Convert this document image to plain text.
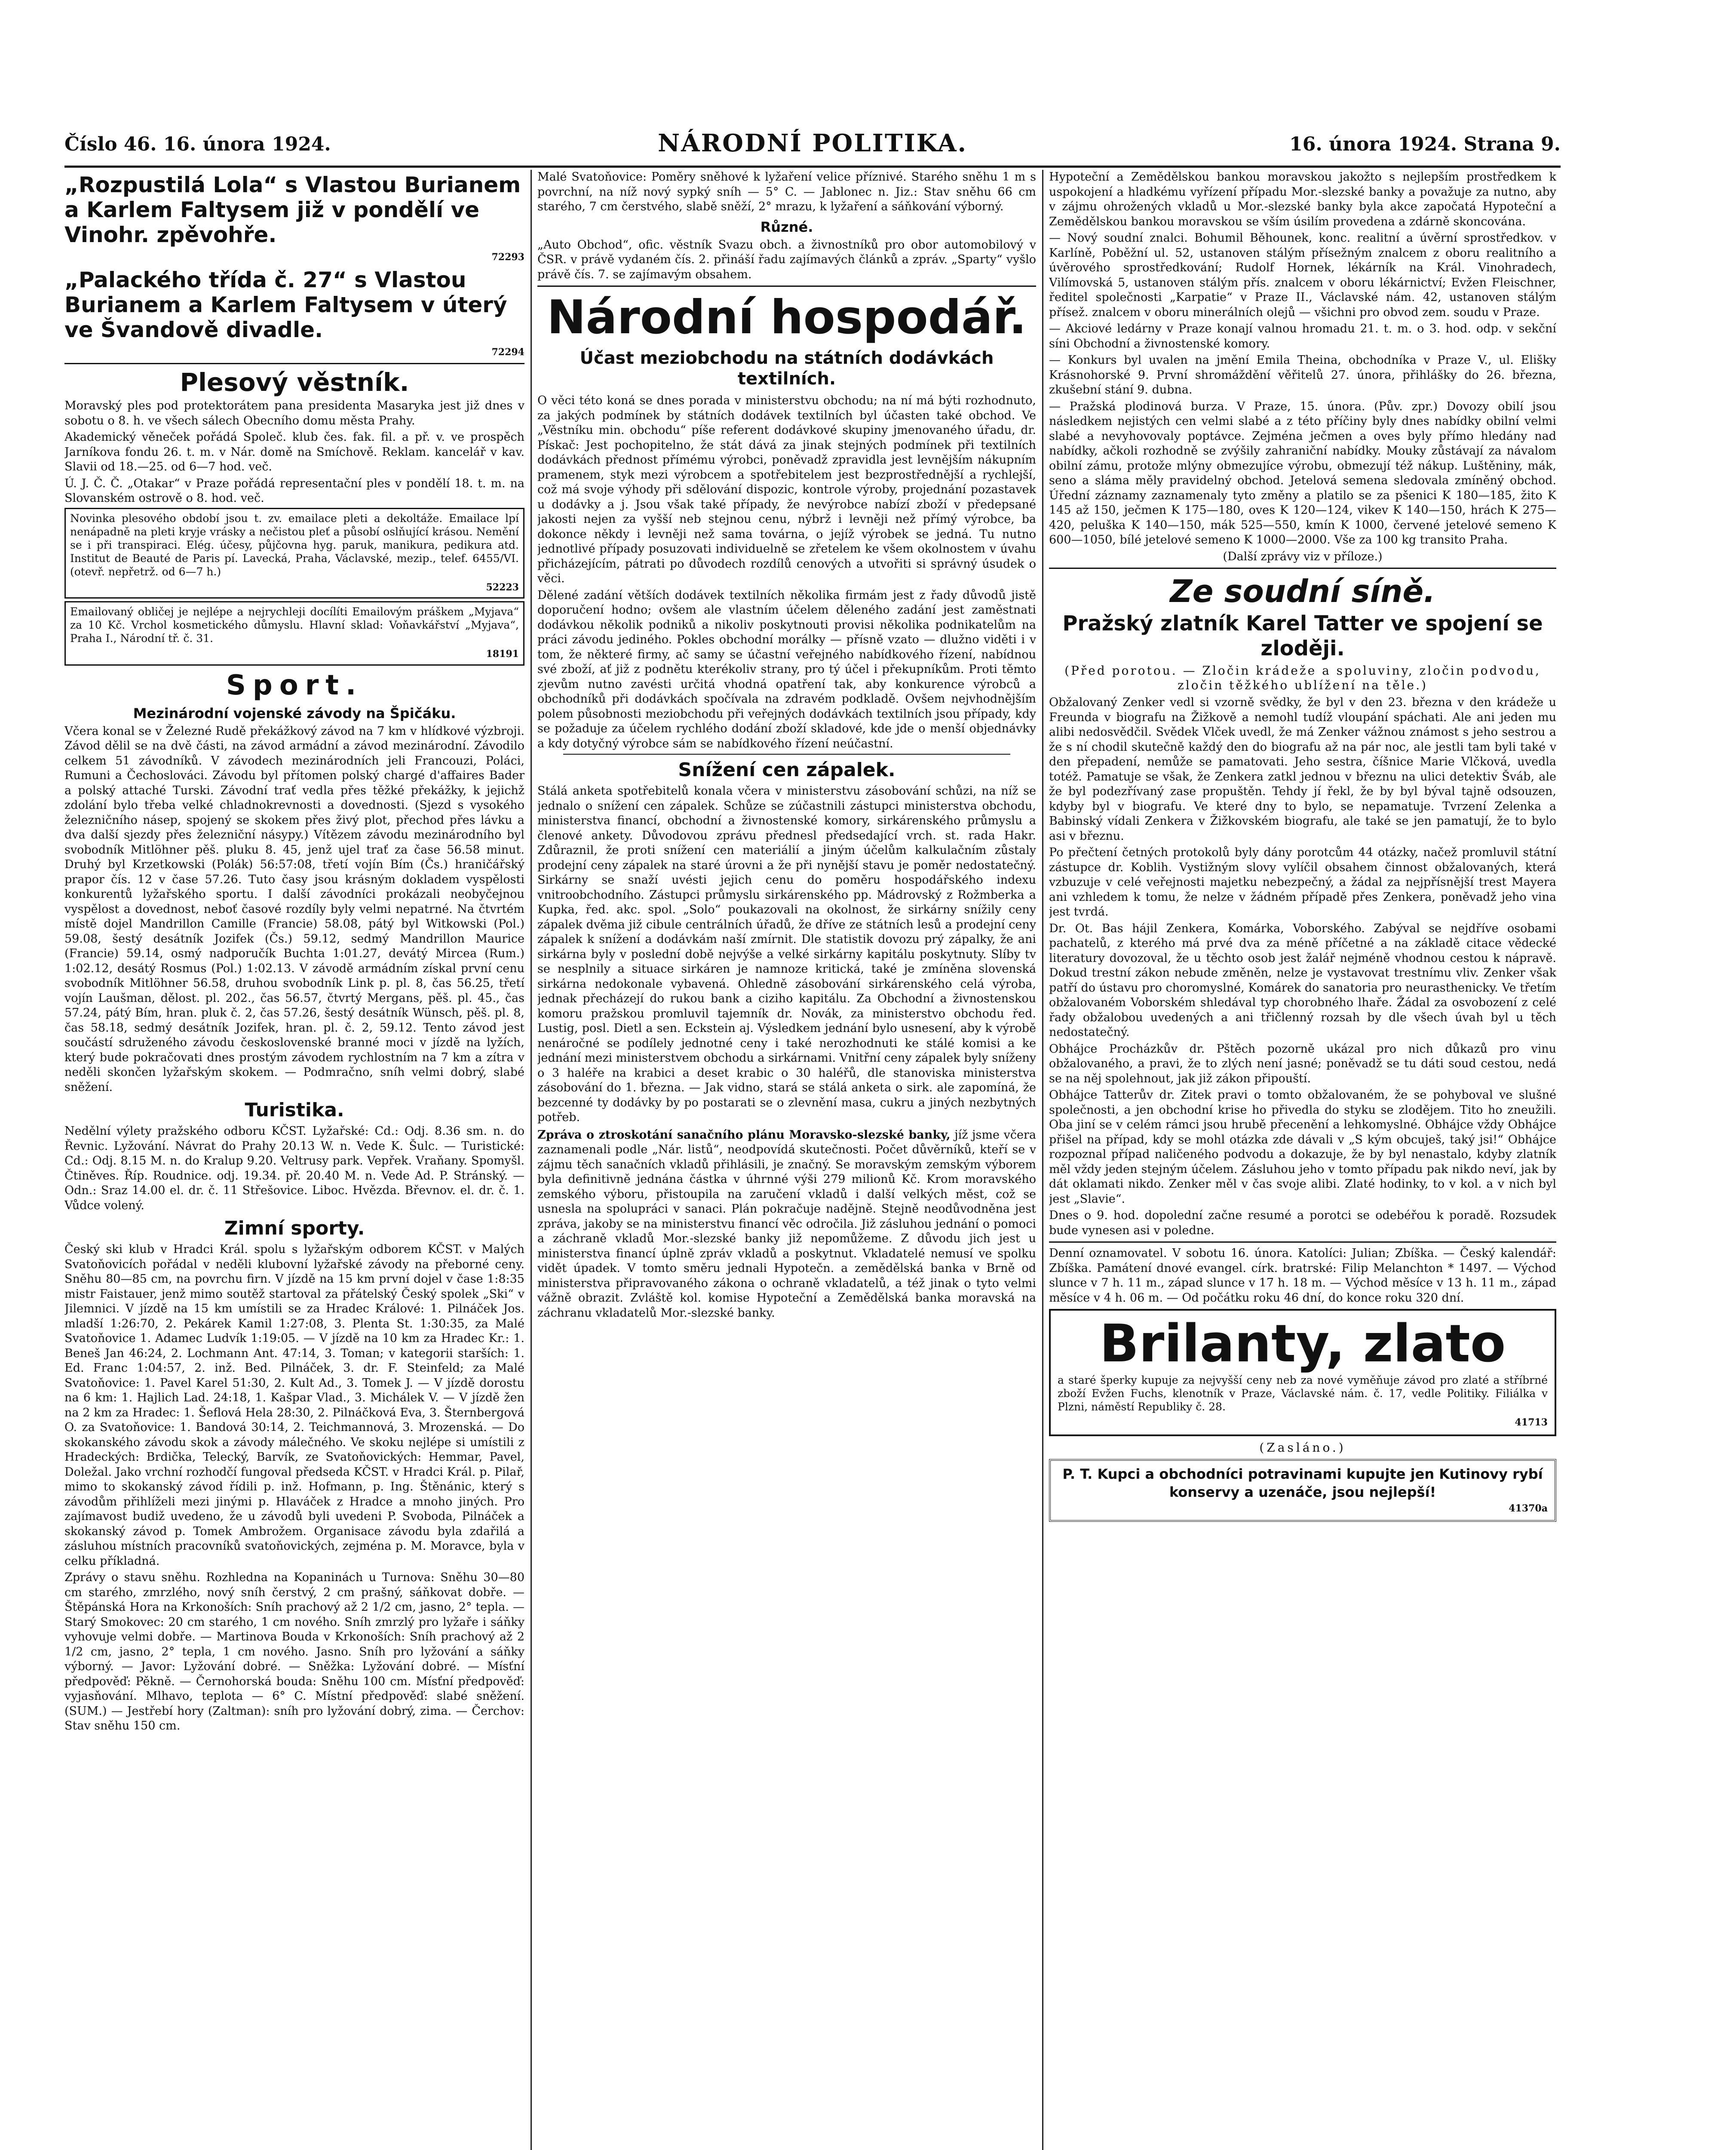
Číslo 46. 16. února 1924.	NÁRODNÍ POLITIKA.	16. února 1924. Strana 9.

„Rozpustilá Lola“ s Vlastou Burianem a Karlem Faltysem již v pondělí ve Vinohr. zpěvohře.

72293

„Palackého třída č. 27“ s Vlastou Burianem a Karlem Faltysem v úterý ve Švandově divadle.

72294

Plesový věstník.

Moravský ples pod protektorátem pana presidenta Masaryka jest již dnes v sobotu o 8. h. ve všech sálech Obecního domu města Prahy.

Akademický věneček pořádá Společ. klub čes. fak. fil. a př. v. ve prospěch Jarníkova fondu 26. t. m. v Nár. domě na Smíchově. Reklam. kancelář v kav. Slavii od 18.—25. od 6—7 hod. več.

Ú. J. Č. Č. „Otakar“ v Praze pořádá representační ples v pondělí 18. t. m. na Slovanském ostrově o 8. hod. več.

Novinka plesového období jsou t. zv. emailace pleti a dekoltáže. Emailace lpí nenápadně na pleti kryje vrásky a nečistou pleť a působí oslňující krásou. Nemění se i při transpiraci. Elég. účesy, půjčovna hyg. paruk, manikura, pedikura atd. Institut de Beauté de Paris pí. Lavecká, Praha, Václavské, mezip., telef. 6455/VI. (otevř. nepřetrž. od 6—7 h.)

52223

Emailovaný obličej je nejlépe a nejrychleji docílíti Emailovým práškem „Myjava“ za 10 Kč. Vrchol kosmetického důmyslu. Hlavní sklad: Voňavkářství „Myjava“, Praha I., Národní tř. č. 31.

18191

Sport.
Mezinárodní vojenské závody na Špičáku.

Včera konal se v Železné Rudě překážkový závod na 7 km v hlídkové výzbroji. Závod dělil se na dvě části, na závod armádní a závod mezinárodní. Závodilo celkem 51 závodníků. V závodech mezinárodních jeli Francouzi, Poláci, Rumuni a Čechoslováci. Závodu byl přítomen polský chargé d'affaires Bader a polský attaché Turski. Závodní trať vedla přes těžké překážky, k jejichž zdolání bylo třeba velké chladnokrevnosti a dovednosti. (Sjezd s vysokého železničního násep, spojený se skokem přes živý plot, přechod přes lávku a dva další sjezdy přes železniční násypy.) Vítězem závodu mezinárodního byl svobodník Mitlöhner pěš. pluku 8. 45, jenž ujel trať za čase 56.58 minut. Druhý byl Krzetkowski (Polák) 56:57:08, třetí vojín Bím (Čs.) hraničářský prapor čís. 12 v čase 57.26. Tuto časy jsou krásným dokladem vyspělosti konkurentů lyžařského sportu. I další závodníci prokázali neobyčejnou vyspělost a dovednost, neboť časové rozdíly byly velmi nepatrné. Na čtvrtém místě dojel Mandrillon Camille (Francie) 58.08, pátý byl Witkowski (Pol.) 59.08, šestý desátník Jozifek (Čs.) 59.12, sedmý Mandrillon Maurice (Francie) 59.14, osmý nadporučík Buchta 1:01.27, devátý Mircea (Rum.) 1:02.12, desátý Rosmus (Pol.) 1:02.13. V závodě armádním získal první cenu svobodník Mitlöhner 56.58, druhou svobodník Link p. pl. 8, čas 56.25, třetí vojín Laušman, dělost. pl. 202., čas 56.57, čtvrtý Mergans, pěš. pl. 45., čas 57.24, pátý Bím, hran. pluk č. 2, čas 57.26, šestý desátník Wünsch, pěš. pl. 8, čas 58.18, sedmý desátník Jozifek, hran. pl. č. 2, 59.12. Tento závod jest součástí sdruženého závodu československé branné moci v jízdě na lyžích, který bude pokračovati dnes prostým závodem rychlostním na 7 km a zítra v neděli skončen lyžařským skokem. — Podmračno, sníh velmi dobrý, slabé sněžení.

Turistika.

Nedělní výlety pražského odboru KČST. Lyžařské: Cd.: Odj. 8.36 sm. n. do Řevnic. Lyžování. Návrat do Prahy 20.13 W. n. Vede K. Šulc. — Turistické: Cd.: Odj. 8.15 M. n. do Kralup 9.20. Veltrusy park. Vepřek. Vraňany. Spomyšl. Čtiněves. Říp. Roudnice. odj. 19.34. př. 20.40 M. n. Vede Ad. P. Stránský. — Odn.: Sraz 14.00 el. dr. č. 11 Střešovice. Liboc. Hvězda. Břevnov. el. dr. č. 1. Vůdce volený.

Zimní sporty.

Český ski klub v Hradci Král. spolu s lyžařským odborem KČST. v Malých Svatoňovicích pořádal v neděli klubovní lyžařské závody na přeborné ceny. Sněhu 80—85 cm, na povrchu firn. V jízdě na 15 km první dojel v čase 1:8:35 mistr Faistauer, jenž mimo soutěž startoval za přátelský Český spolek „Ski“ v Jilemnici. V jízdě na 15 km umístili se za Hradec Králové: 1. Pilnáček Jos. mladší 1:26:70, 2. Pekárek Kamil 1:27:08, 3. Plenta St. 1:30:35, za Malé Svatoňovice 1. Adamec Ludvík 1:19:05. — V jízdě na 10 km za Hradec Kr.: 1. Beneš Jan 46:24, 2. Lochmann Ant. 47:14, 3. Toman; v kategorii starších: 1. Ed. Franc 1:04:57, 2. inž. Bed. Pilnáček, 3. dr. F. Steinfeld; za Malé Svatoňovice: 1. Pavel Karel 51:30, 2. Kult Ad., 3. Tomek J. — V jízdě dorostu na 6 km: 1. Hajlich Lad. 24:18, 1. Kašpar Vlad., 3. Michálek V. — V jízdě žen na 2 km za Hradec: 1. Šeflová Hela 28:30, 2. Pilnáčková Eva, 3. Šternbergová O. za Svatoňovice: 1. Bandová 30:14, 2. Teichmannová, 3. Mrozenská. — Do skokanského závodu skok a závody málečného. Ve skoku nejlépe si umístili z Hradeckých: Brdička, Telecký, Barvík, ze Svatoňovických: Hemmar, Pavel, Doležal. Jako vrchní rozhodčí fungoval předseda KČST. v Hradci Král. p. Pilař, mimo to skokanský závod řídili p. inž. Hofmann, p. Ing. Štěnánic, který s závodům přihlíželi mezi jinými p. Hlaváček z Hradce a mnoho jiných. Pro zajímavost budiž uvedeno, že u závodů byli uvedeni P. Svoboda, Pilnáček a skokanský závod p. Tomek Ambrožem. Organisace závodu byla zdařilá a zásluhou místních pracovníků svatoňovických, zejména p. M. Moravce, byla v celku příkladná.

Zprávy o stavu sněhu. Rozhledna na Kopaninách u Turnova: Sněhu 30—80 cm starého, zmrzlého, nový sníh čerstvý, 2 cm prašný, sáňkovat dobře. — Štěpánská Hora na Krkonoších: Sníh prachový až 2 1/2 cm, jasno, 2° tepla. — Starý Smokovec: 20 cm starého, 1 cm nového. Sníh zmrzlý pro lyžaře i sáňky vyhovuje velmi dobře. — Martinova Bouda v Krkonoších: Sníh prachový až 2 1/2 cm, jasno, 2° tepla, 1 cm nového. Jasno. Sníh pro lyžování a sáňky výborný. — Javor: Lyžování dobré. — Sněžka: Lyžování dobré. — Mísťní předpověď: Pěkně. — Černohorská bouda: Sněhu 100 cm. Mísťní předpověď: vyjasňování. Mlhavo, teplota — 6° C. Místní předpověď: slabé sněžení. (SUM.) — Jestřebí hory (Zaltman): sníh pro lyžování dobrý, zima. — Čerchov: Stav sněhu 150 cm.

Malé Svatoňovice: Poměry sněhové k lyžaření velice příznivé. Starého sněhu 1 m s povrchní, na níž nový sypký sníh — 5° C. — Jablonec n. Jiz.: Stav sněhu 66 cm starého, 7 cm čerstvého, slabě sněží, 2° mrazu, k lyžaření a sáňkování výborný.

Různé.

„Auto Obchod“, ofic. věstník Svazu obch. a živnostníků pro obor automobilový v ČSR. v právě vydaném čís. 2. přináší řadu zajímavých článků a zpráv. „Sparty“ vyšlo právě čís. 7. se zajímavým obsahem.

Národní hospodář.
Účast meziobchodu na státních dodávkách textilních.

O věci této koná se dnes porada v ministerstvu obchodu; na ní má býti rozhodnuto, za jakých podmínek by státních dodávek textilních byl účasten také obchod. Ve „Věstníku min. obchodu“ píše referent dodávkové skupiny jmenovaného úřadu, dr. Pískač: Jest pochopitelno, že stát dává za jinak stejných podmínek při textilních dodávkách přednost přímému výrobci, poněvadž zpravidla jest levnějším nákupním pramenem, styk mezi výrobcem a spotřebitelem jest bezprostřednější a rychlejší, což má svoje výhody při sdělování dispozic, kontrole výroby, projednání pozastavek u dodávky a j. Jsou však také případy, že nevýrobce nabízí zboží v předepsané jakosti nejen za vyšší neb stejnou cenu, nýbrž i levněji než přímý výrobce, ba dokonce někdy i levněji než sama továrna, o jejíž výrobek se jedná. Tu nutno jednotlivé případy posuzovati individuelně se zřetelem ke všem okolnostem v úvahu přicházejícím, pátrati po důvodech rozdílů cenových a utvořiti si správný úsudek o věci.

Dělené zadání větších dodávek textilních několika firmám jest z řady důvodů jistě doporučení hodno; ovšem ale vlastním účelem děleného zadání jest zaměstnati dodávkou několik podniků a nikoliv poskytnouti provisi několika podnikatelům na práci závodu jediného. Pokles obchodní morálky — přísně vzato — dlužno viděti i v tom, že některé firmy, ač samy se účastní veřejného nabídkového řízení, nabídnou své zboží, ať již z podnětu kterékoliv strany, pro tý účel i překupníkům. Proti těmto zjevům nutno zavésti určitá vhodná opatření tak, aby konkurence výrobců a obchodníků při dodávkách spočívala na zdravém podkladě. Ovšem nejvhodnějším polem působnosti meziobchodu při veřejných dodávkách textilních jsou případy, kdy se požaduje za účelem rychlého dodání zboží skladové, kde jde o menší objednávky a kdy dotyčný výrobce sám se nabídkového řízení neúčastní.

Snížení cen zápalek.

Stálá anketa spotřebitelů konala včera v ministerstvu zásobování schůzi, na níž se jednalo o snížení cen zápalek. Schůze se zúčastnili zástupci ministerstva obchodu, ministerstva financí, obchodní a živnostenské komory, sirkárenského průmyslu a členové ankety. Důvodovou zprávu přednesl předsedající vrch. st. rada Hakr. Zdůraznil, že proti snížení cen materiálií a jiným účelům kalkulačním zůstaly prodejní ceny zápalek na staré úrovni a že při nynější stavu je poměr nedostatečný. Sirkárny se snaží uvésti jejich cenu do poměru hospodářského indexu vnitroobchodního. Zástupci průmyslu sirkárenského pp. Mádrovský z Rožmberka a Kupka, řed. akc. spol. „Solo“ poukazovali na okolnost, že sirkárny snížily ceny zápalek dvěma již cibule centrálních úřadů, že dříve ze státních lesů a prodejní ceny zápalek k snížení a dodávkám naší zmírnit. Dle statistik dovozu prý zápalky, že ani sirkárna byly v poslední době nejvýše a velké sirkárny kapitálu poskytnuty. Slíby tv se nesplnily a situace sirkáren je namnoze kritická, také je zmíněna slovenská sirkárna nedokonale vybavená. Ohledně zásobování sirkárenského celá výroba, jednak přecházejí do rukou bank a ciziho kapitálu. Za Obchodní a živnostenskou komoru pražskou promluvil tajemník dr. Novák, za ministerstvo obchodu řed. Lustig, posl. Dietl a sen. Eckstein aj. Výsledkem jednání bylo usnesení, aby k výrobě nenáročné se podílely jednotné ceny i také nerozhodnuti ke stálé komisi a ke jednání mezi ministerstvem obchodu a sirkárnami. Vnitřní ceny zápalek byly sníženy o 3 haléře na krabici a deset krabic o 30 haléřů, dle stanoviska ministerstva zásobování do 1. března. — Jak vidno, stará se stálá anketa o sirk. ale zapomíná, že bezcenné ty dodávky by po postarati se o zlevnění masa, cukru a jiných nezbytných potřeb.

Zpráva o ztroskotání sanačního plánu Moravsko-slezské banky, jíž jsme včera zaznamenali podle „Nár. listů“, neodpovídá skutečnosti. Počet důvěrníků, kteří se v zájmu těch sanačních vkladů přihlásili, je značný. Se moravským zemským výborem byla definitivně jednána částka v úhrnné výši 279 milionů Kč. Krom moravského zemského výboru, přistoupila na zaručení vkladů i další velkých měst, což se usnesla na spolupráci v sanaci. Plán pokračuje nadějně. Stejně neodůvodněna jest zpráva, jakoby se na ministerstvu financí věc odročila. Již zásluhou jednání o pomoci a záchraně vkladů Mor.-slezské banky již nepomůžeme. Z důvodu jich jest u ministerstva financí úplně zpráv vkladů a poskytnut. Vkladatelé nemusí ve spolku vidět úpadek. V tomto směru jednali Hypotečn. a zemědělská banka v Brně od ministerstva připravovaného zákona o ochraně vkladatelů, a též jinak o tyto velmi vážně obrazit. Zvláště kol. komise Hypoteční a Zemědělská banka moravská na záchranu vkladatelů Mor.-slezské banky.

Hypoteční a Zemědělskou bankou moravskou jakožto s nejlepším prostředkem k uspokojení a hladkému vyřízení případu Mor.-slezské banky a považuje za nutno, aby v zájmu ohrožených vkladů u Mor.-slezské banky byla akce započatá Hypoteční a Zemědělskou bankou moravskou se vším úsilím provedena a zdárně skoncována.

— Nový soudní znalci. Bohumil Běhounek, konc. realitní a úvěrní sprostředkov. v Karlíně, Poběžní ul. 52, ustanoven stálým přísežným znalcem z oboru realitního a úvěrového sprostředkování; Rudolf Hornek, lékárník na Král. Vinohradech, Vilímovská 5, ustanoven stálým přís. znalcem v oboru lékárnictví; Evžen Fleischner, ředitel společnosti „Karpatie“ v Praze II., Václavské nám. 42, ustanoven stálým přísež. znalcem v oboru minerálních olejů — všichni pro obvod zem. soudu v Praze.

— Akciové ledárny v Praze konají valnou hromadu 21. t. m. o 3. hod. odp. v sekční síni Obchodní a živnostenské komory.

— Konkurs byl uvalen na jmění Emila Theina, obchodníka v Praze V., ul. Elišky Krásnohorské 9. První shromáždění věřitelů 27. února, přihlášky do 26. března, zkušební stání 9. dubna.

— Pražská plodinová burza. V Praze, 15. února. (Pův. zpr.) Dovozy obilí jsou následkem nejistých cen velmi slabé a z této příčiny byly dnes nabídky obilní velmi slabé a nevyhovovaly poptávce. Zejména ječmen a oves byly přímo hledány nad nabídky, ačkoli rozhodně se zvýšily zahraniční nabídky. Mouky zůstávají za návalom obilní zámu, protože mlýny obmezujíce výrobu, obmezují též nákup. Luštěniny, mák, seno a sláma měly pravidelný obchod. Jetelová semena sledovala zmíněný obchod. Úřední záznamy zaznamenaly tyto změny a platilo se za pšenici K 180—185, žito K 145 až 150, ječmen K 175—180, oves K 120—124, vikev K 140—150, hrách K 275—420, peluška K 140—150, mák 525—550, kmín K 1000, červené jetelové semeno K 600—1050, bílé jetelové semeno K 1000—2000. Vše za 100 kg transito Praha.

(Další zprávy viz v příloze.)

Ze soudní síně.
Pražský zlatník Karel Tatter ve spojení se zloději.
(Před porotou. — Zločin krádeže a spoluviny, zločin podvodu, zločin těžkého ublížení na těle.)

Obžalovaný Zenker vedl si vzorně svědky, že byl v den 23. března v den krádeže u Freunda v biografu na Žižkově a nemohl tudíž vloupání spáchati. Ale ani jeden mu alibi nedosvědčil. Svědek Vlček uvedl, že má Zenker vážnou známost s jeho sestrou a že s ní chodil skutečně každý den do biografu až na pár noc, ale jestli tam byli také v den přepadení, nemůže se pamatovati. Jeho sestra, číšnice Marie Vlčková, uvedla totéž. Pamatuje se však, že Zenkera zatkl jednou v březnu na ulici detektiv Šváb, ale že byl podezřívaný zase propuštěn. Tehdy jí řekl, že by byl býval tajně odsouzen, kdyby byl v biografu. Ve které dny to bylo, se nepamatuje. Tvrzení Zelenka a Babinský vídali Zenkera v Žižkovském biografu, ale také se jen pamatují, že to bylo asi v březnu.

Po přečtení četných protokolů byly dány porotcům 44 otázky, načež promluvil státní zástupce dr. Koblih. Vystižným slovy vylíčil obsahem činnost obžalovaných, která vzbuzuje v celé veřejnosti majetku nebezpečný, a žádal za nejpřísnější trest Mayera ani vzhledem k tomu, že nelze v žádném případě přes Zenkera, poněvadž jeho vina jest tvrdá.

Dr. Ot. Bas hájil Zenkera, Komárka, Voborského. Zabýval se nejdříve osobami pachatelů, z kterého má prvé dva za méně příčetné a na základě citace vědecké literatury dovozoval, že u těchto osob jest žalář nejméně vhodnou cestou k nápravě. Dokud trestní zákon nebude změněn, nelze je vystavovat trestnímu vliv. Zenker však patří do ústavu pro choromyslné, Komárek do sanatoria pro neurasthenicky. Ve třetím obžalovaném Voborském shledával typ chorobného lhaře. Žádal za osvobození z celé řady obžalobou uvedených a ani třičlenný rozsah by dle všech úvah byl u těch nedostatečný.

Obhájce Procházkův dr. Pštěch pozorně ukázal pro nich důkazů pro vinu obžalovaného, a pravi, že to zlých není jasné; poněvadž se tu dáti soud cestou, nedá se na něj spolehnout, jak již zákon připouští.

Obhájce Tatterův dr. Zitek pravi o tomto obžalovaném, že se pohyboval ve slušné společnosti, a jen obchodní krise ho přivedla do styku se zlodějem. Tito ho zneužili. Oba jiní se v celém rámci jsou hrubě přecenění a lehkomyslné. Obhájce vždy Obhájce přišel na případ, kdy se mohl otázka zde dávali v „S kým obcuješ, taký jsi!“ Obhájce rozpoznal případ naličeného podvodu a dokazuje, že by byl nenastalo, kdyby zlatník měl vždy jeden stejným účelem. Zásluhou jeho v tomto případu pak nikdo neví, jak by dát oklamati nikdo. Zenker měl v čas svoje alibi. Zlaté hodinky, to v kol. a v nich byl jest „Slavie“.

Dnes o 9. hod. dopolední začne resumé a porotci se odebéřou k poradě. Rozsudek bude vynesen asi v poledne.

Denní oznamovatel. V sobotu 16. února. Katolíci: Julian; Zbíška. — Český kalendář: Zbíška. Památení dnové evangel. círk. bratrské: Filip Melanchton * 1497. — Východ slunce v 7 h. 11 m., západ slunce v 17 h. 18 m. — Východ měsíce v 13 h. 11 m., západ měsíce v 4 h. 06 m. — Od počátku roku 46 dní, do konce roku 320 dní.

Brilanty, zlato

a staré šperky kupuje za nejvyšší ceny neb za nové vyměňuje závod pro zlaté a stříbrné zboží Evžen Fuchs, klenotník v Praze, Václavské nám. č. 17, vedle Politiky. Filiálka v Plzni, náměstí Republiky č. 28.

41713

(Zasláno.)

P. T. Kupci a obchodníci potravinami kupujte jen Kutinovy rybí konservy a uzenáče, jsou nejlepší!

41370a
